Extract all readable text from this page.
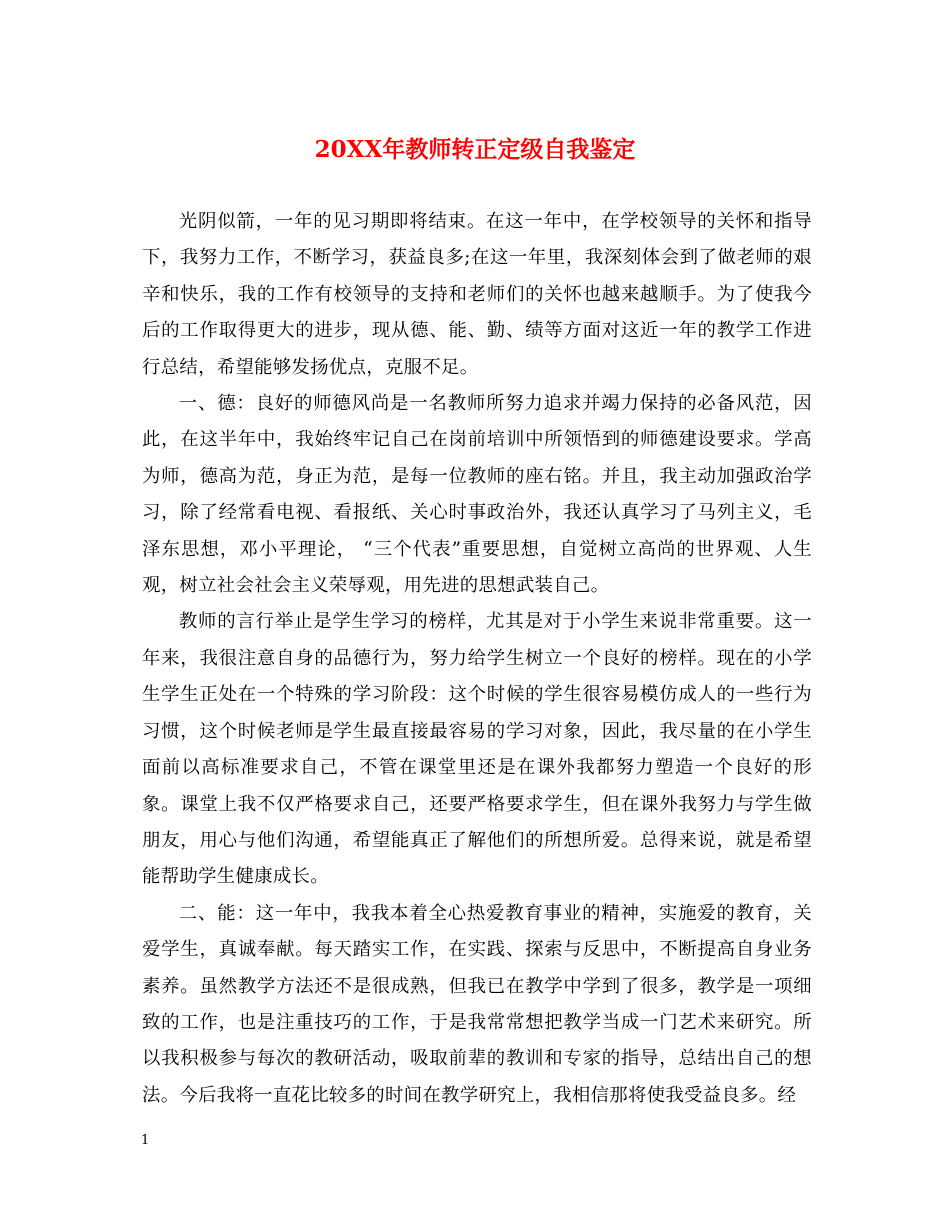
20XX年教师转正定级自我鉴定

光阴似箭，一年的见习期即将结束。在这一年中，在学校领导的关怀和指导下，我努力工作，不断学习，获益良多;在这一年里，我深刻体会到了做老师的艰辛和快乐，我的工作有校领导的支持和老师们的关怀也越来越顺手。为了使我今后的工作取得更大的进步，现从德、能、勤、绩等方面对这近一年的教学工作进行总结，希望能够发扬优点，克服不足。

一、德：良好的师德风尚是一名教师所努力追求并竭力保持的必备风范，因此，在这半年中，我始终牢记自己在岗前培训中所领悟到的师德建设要求。学高为师，德高为范，身正为范，是每一位教师的座右铭。并且，我主动加强政治学习，除了经常看电视、看报纸、关心时事政治外，我还认真学习了马列主义，毛泽东思想，邓小平理论， “三个代表”重要思想，自觉树立高尚的世界观、人生观，树立社会社会主义荣辱观，用先进的思想武装自己。

教师的言行举止是学生学习的榜样，尤其是对于小学生来说非常重要。这一年来，我很注意自身的品德行为，努力给学生树立一个良好的榜样。现在的小学生学生正处在一个特殊的学习阶段：这个时候的学生很容易模仿成人的一些行为习惯，这个时候老师是学生最直接最容易的学习对象，因此，我尽量的在小学生面前以高标准要求自己，不管在课堂里还是在课外我都努力塑造一个良好的形象。课堂上我不仅严格要求自己，还要严格要求学生，但在课外我努力与学生做朋友，用心与他们沟通，希望能真正了解他们的所想所爱。总得来说，就是希望能帮助学生健康成长。

二、能：这一年中，我我本着全心热爱教育事业的精神，实施爱的教育，关爱学生，真诚奉献。每天踏实工作，在实践、探索与反思中，不断提高自身业务素养。虽然教学方法还不是很成熟，但我已在教学中学到了很多，教学是一项细致的工作，也是注重技巧的工作，于是我常常想把教学当成一门艺术来研究。所以我积极参与每次的教研活动，吸取前辈的教训和专家的指导，总结出自己的想法。今后我将一直花比较多的时间在教学研究上，我相信那将使我受益良多。经

1
